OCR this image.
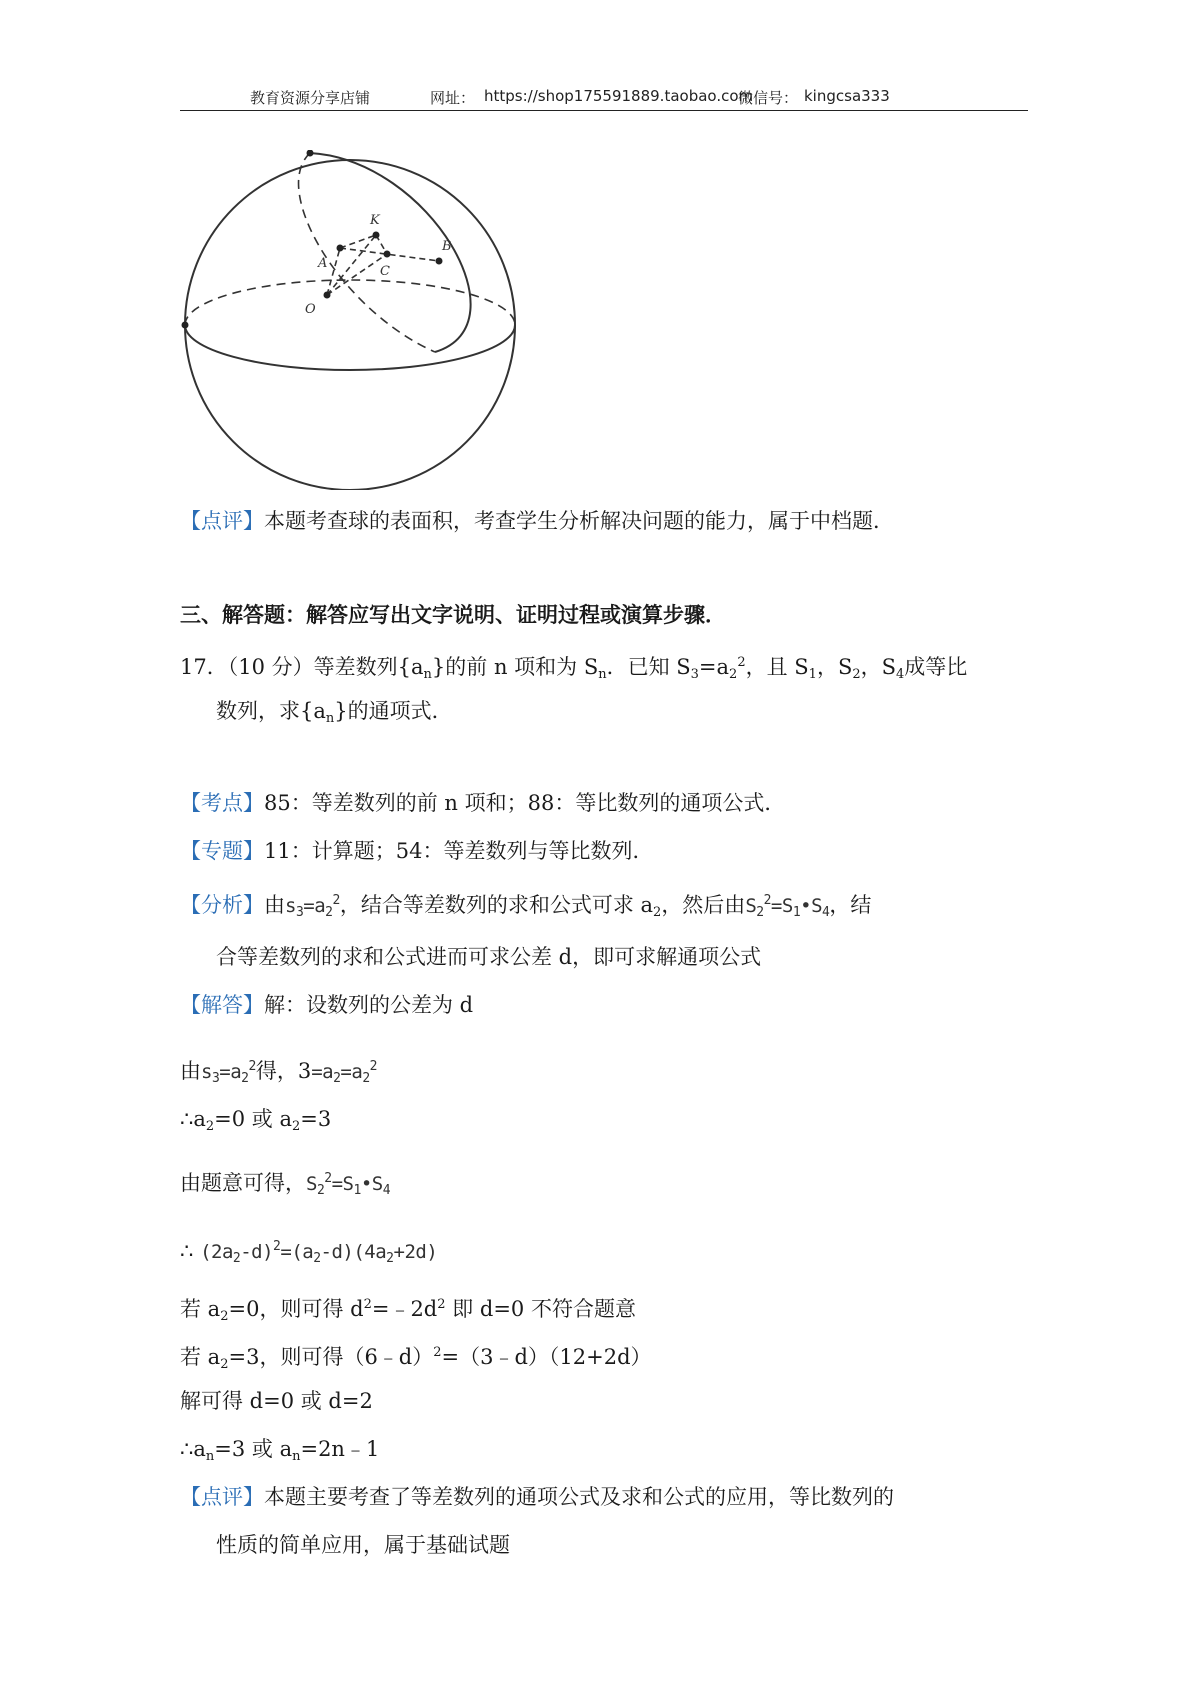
教育资源分享店铺	网址： https://shop175591889.taobao.com
微信号： kingcsa333
K
A
B
C
O
【点评】本题考查球的表面积，考查学生分析解决问题的能力，属于中档题．
三、解答题：解答应写出文字说明、证明过程或演算步骤．
17．（10 分）等差数列$\{a_n\}$的前 n 项和为 $S_n$．已知 $S_3=a_2^2$，且 $S_1$，$S_2$，$S_4$成等比
数列，求$\{a_n\}$的通项式．
【考点】85：等差数列的前 n 项和；88：等比数列的通项公式．
【专题】11：计算题；54：等差数列与等比数列．
【分析】由$s_3=a_2^2$，结合等差数列的求和公式可求 $a_2$，然后由$S_2^2=S_1•S_4$，结
合等差数列的求和公式进而可求公差 d，即可求解通项公式
【解答】解：设数列的公差为 d
由$s_3=a_2^2$得，$3=a_2=a_2^2$
$\therefore a_2=0$ 或 $a_2=3$
由题意可得，$S_2^2=S_1•S_4$
∴ $(2a_2-d)^2=(a_2-d)(4a_2+2d)$
若 $a_2=0$，则可得 $d^2=﹣2d^2$ 即 d=0 不符合题意
若 $a_2=3$，则可得（6﹣d）$^2$=（3﹣d）（12+2d）
解可得 d=0 或 d=2
$\therefore a_n=3$ 或 $a_n=2n﹣1$
【点评】本题主要考查了等差数列的通项公式及求和公式的应用，等比数列的
性质的简单应用，属于基础试题
